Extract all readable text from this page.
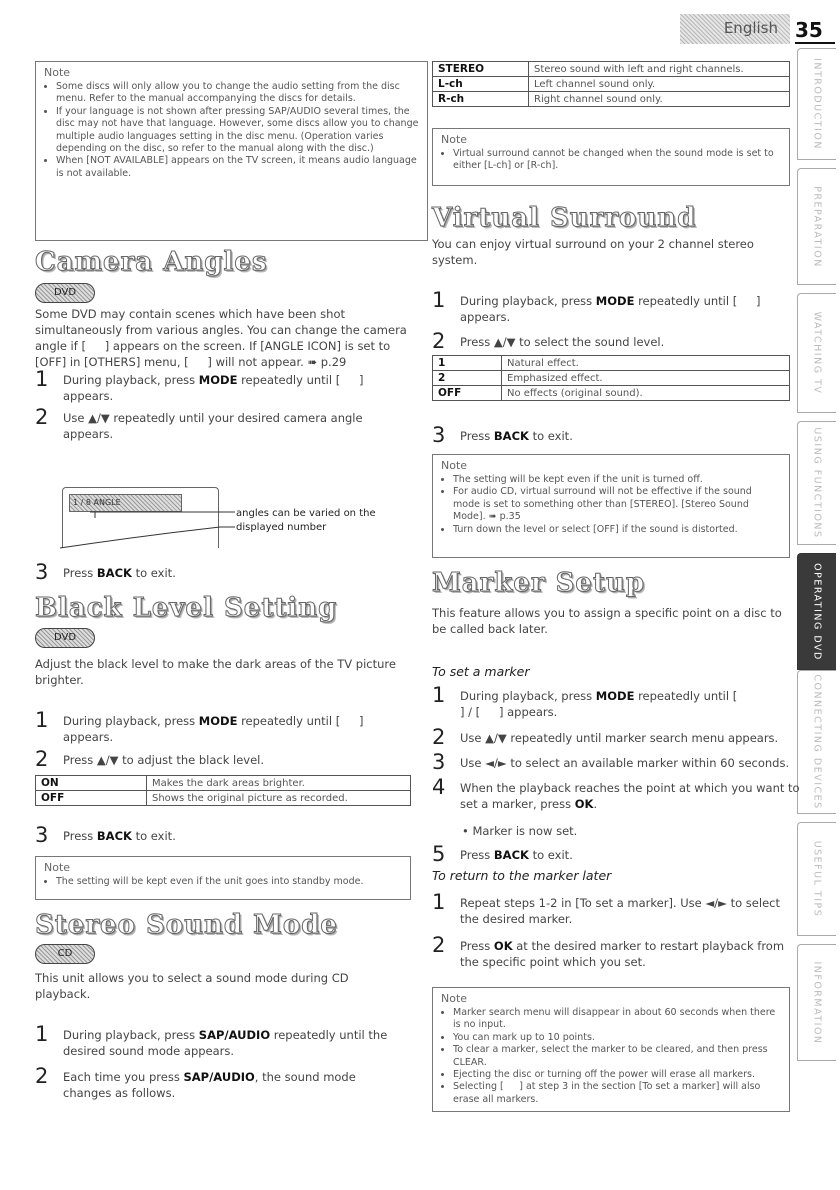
English 35
INTRODUCTION
PREPARATION
WATCHING TV
USING FUNCTIONS
OPERATING DVD
CONNECTING DEVICES
USEFUL TIPS
INFORMATION
Note
• Some discs will only allow you to change the audio setting from the disc menu. Refer to the manual accompanying the discs for details.
• If your language is not shown after pressing SAP/AUDIO several times, the disc may not have that language. However, some discs allow you to change multiple audio languages setting in the disc menu. (Operation varies depending on the disc, so refer to the manual along with the disc.)
• When [NOT AVAILABLE] appears on the TV screen, it means audio language is not available.
Camera Angles
DVD
Some DVD may contain scenes which have been shot simultaneously from various angles. You can change the camera angle if [   ] appears on the screen. If [ANGLE ICON] is set to [OFF] in [OTHERS] menu, [   ] will not appear. ➠ p.29
1 During playback, press MODE repeatedly until [   ] appears.
2 Use ▲/▼ repeatedly until your desired camera angle appears.
1 / 8 ANGLE
angles can be varied on the
displayed number
3 Press BACK to exit.
Black Level Setting
DVD
Adjust the black level to make the dark areas of the TV picture brighter.
1 During playback, press MODE repeatedly until [   ] appears.
2 Press ▲/▼ to adjust the black level.
ON	Makes the dark areas brighter.
OFF	Shows the original picture as recorded.
3 Press BACK to exit.
Note
• The setting will be kept even if the unit goes into standby mode.
Stereo Sound Mode
CD
This unit allows you to select a sound mode during CD playback.
1 During playback, press SAP/AUDIO repeatedly until the desired sound mode appears.
2 Each time you press SAP/AUDIO, the sound mode changes as follows.
STEREO	Stereo sound with left and right channels.
L-ch	Left channel sound only.
R-ch	Right channel sound only.
Note
• Virtual surround cannot be changed when the sound mode is set to either [L-ch] or [R-ch].
Virtual Surround
You can enjoy virtual surround on your 2 channel stereo system.
1 During playback, press MODE repeatedly until [   ] appears.
2 Press ▲/▼ to select the sound level.
1	Natural effect.
2	Emphasized effect.
OFF	No effects (original sound).
3 Press BACK to exit.
Note
• The setting will be kept even if the unit is turned off.
• For audio CD, virtual surround will not be effective if the sound mode is set to something other than [STEREO]. [Stereo Sound Mode]. ➠ p.35
• Turn down the level or select [OFF] if the sound is distorted.
Marker Setup
This feature allows you to assign a specific point on a disc to be called back later.
To set a marker
1 During playback, press MODE repeatedly until [   ] / [   ] appears.
2 Use ▲/▼ repeatedly until marker search menu appears.
3 Use ◄/► to select an available marker within 60 seconds.
4 When the playback reaches the point at which you want to set a marker, press OK.
• Marker is now set.
5 Press BACK to exit.
To return to the marker later
1 Repeat steps 1-2 in [To set a marker]. Use ◄/► to select the desired marker.
2 Press OK at the desired marker to restart playback from the specific point which you set.
Note
• Marker search menu will disappear in about 60 seconds when there is no input.
• You can mark up to 10 points.
• To clear a marker, select the marker to be cleared, and then press CLEAR.
• Ejecting the disc or turning off the power will erase all markers.
• Selecting [   ] at step 3 in the section [To set a marker] will also erase all markers.
